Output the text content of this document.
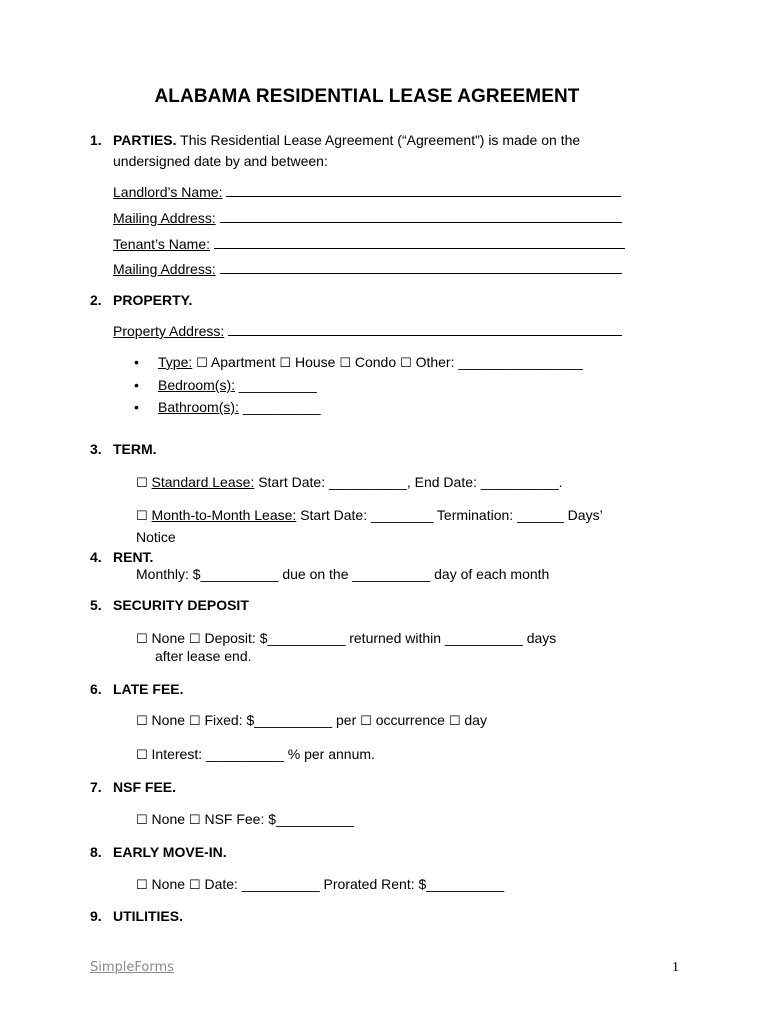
ALABAMA RESIDENTIAL LEASE AGREEMENT
1. PARTIES. This Residential Lease Agreement (“Agreement”) is made on the
undersigned date by and between:
Landlord’s Name:
Mailing Address:
Tenant’s Name:
Mailing Address:
2. PROPERTY.
Property Address:
• Type: ☐ Apartment ☐ House ☐ Condo ☐ Other: ________________
• Bedroom(s): __________
• Bathroom(s): __________
3. TERM.
☐ Standard Lease: Start Date: __________, End Date: __________.
☐ Month-to-Month Lease: Start Date: ________ Termination: ______ Days’
Notice
4. RENT.
Monthly: $__________ due on the __________ day of each month
5. SECURITY DEPOSIT
☐ None ☐ Deposit: $__________ returned within __________ days
after lease end.
6. LATE FEE.
☐ None ☐ Fixed: $__________ per ☐ occurrence ☐ day
☐ Interest: __________ % per annum.
7. NSF FEE.
☐ None ☐ NSF Fee: $__________
8. EARLY MOVE-IN.
☐ None ☐ Date: __________ Prorated Rent: $__________
9. UTILITIES.
SimpleForms	1
